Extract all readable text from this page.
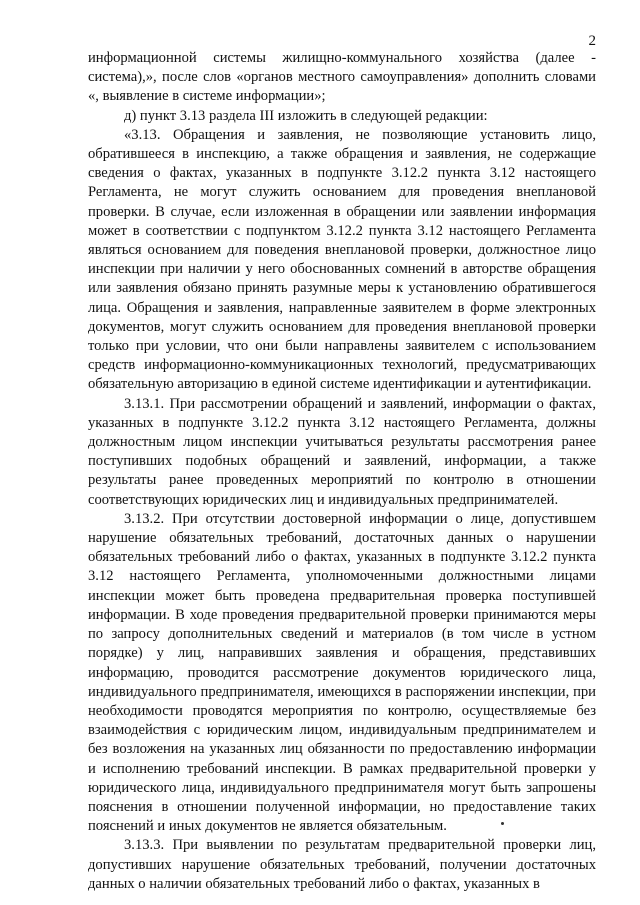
2

информационной системы жилищно-коммунального хозяйства (далее - система),», после слов «органов местного самоуправления» дополнить словами «, выявление в системе информации»;

д) пункт 3.13 раздела III изложить в следующей редакции:

«3.13. Обращения и заявления, не позволяющие установить лицо, обратившееся в инспекцию, а также обращения и заявления, не содержащие сведения о фактах, указанных в подпункте 3.12.2 пункта 3.12 настоящего Регламента, не могут служить основанием для проведения внеплановой проверки. В случае, если изложенная в обращении или заявлении информация может в соответствии с подпунктом 3.12.2 пункта 3.12 настоящего Регламента являться основанием для поведения внеплановой проверки, должностное лицо инспекции при наличии у него обоснованных сомнений в авторстве обращения или заявления обязано принять разумные меры к установлению обратившегося лица. Обращения и заявления, направленные заявителем в форме электронных документов, могут служить основанием для проведения внеплановой проверки только при условии, что они были направлены заявителем с использованием средств информационно-коммуникационных технологий, предусматривающих обязательную авторизацию в единой системе идентификации и аутентификации.

3.13.1. При рассмотрении обращений и заявлений, информации о фактах, указанных в подпункте 3.12.2 пункта 3.12 настоящего Регламента, должны должностным лицом инспекции учитываться результаты рассмотрения ранее поступивших подобных обращений и заявлений, информации, а также результаты ранее проведенных мероприятий по контролю в отношении соответствующих юридических лиц и индивидуальных предпринимателей.

3.13.2. При отсутствии достоверной информации о лице, допустившем нарушение обязательных требований, достаточных данных о нарушении обязательных требований либо о фактах, указанных в подпункте 3.12.2 пункта 3.12 настоящего Регламента, уполномоченными должностными лицами инспекции может быть проведена предварительная проверка поступившей информации. В ходе проведения предварительной проверки принимаются меры по запросу дополнительных сведений и материалов (в том числе в устном порядке) у лиц, направивших заявления и обращения, представивших информацию, проводится рассмотрение документов юридического лица, индивидуального предпринимателя, имеющихся в распоряжении инспекции, при необходимости проводятся мероприятия по контролю, осуществляемые без взаимодействия с юридическим лицом, индивидуальным предпринимателем и без возложения на указанных лиц обязанности по предоставлению информации и исполнению требований инспекции. В рамках предварительной проверки у юридического лица, индивидуального предпринимателя могут быть запрошены пояснения в отношении полученной информации, но предоставление таких пояснений и иных документов не является обязательным.

3.13.3. При выявлении по результатам предварительной проверки лиц, допустивших нарушение обязательных требований, получении достаточных данных о наличии обязательных требований либо о фактах, указанных в
